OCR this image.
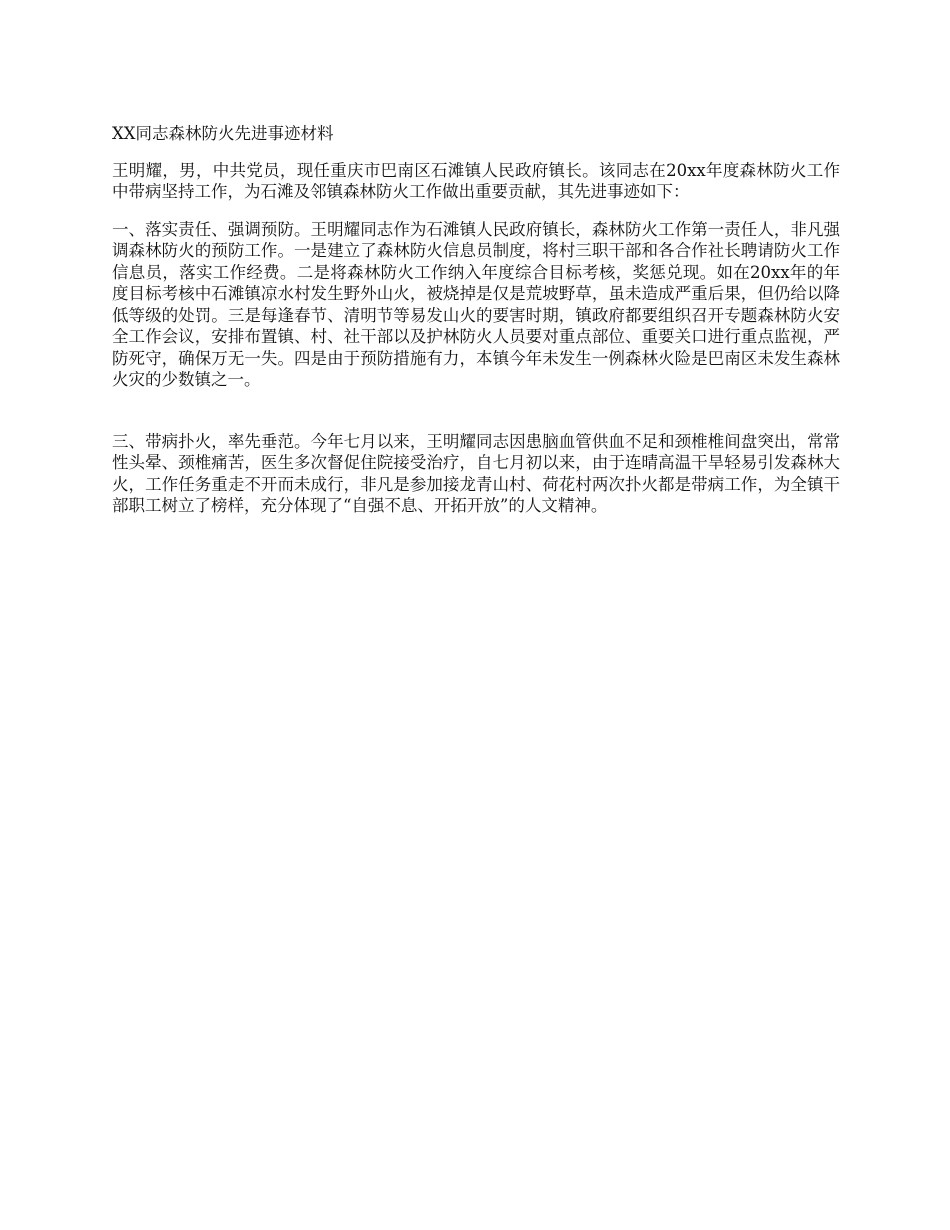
XX同志森林防火先进事迹材料

王明耀，男，中共党员，现任重庆市巴南区石滩镇人民政府镇长。该同志在20xx年度森林防火工作中带病坚持工作，为石滩及邻镇森林防火工作做出重要贡献，其先进事迹如下：

一、落实责任、强调预防。王明耀同志作为石滩镇人民政府镇长，森林防火工作第一责任人，非凡强调森林防火的预防工作。一是建立了森林防火信息员制度，将村三职干部和各合作社长聘请防火工作信息员，落实工作经费。二是将森林防火工作纳入年度综合目标考核，奖惩兑现。如在20xx年的年度目标考核中石滩镇凉水村发生野外山火，被烧掉是仅是荒坡野草，虽未造成严重后果，但仍给以降低等级的处罚。三是每逢春节、清明节等易发山火的要害时期，镇政府都要组织召开专题森林防火安全工作会议，安排布置镇、村、社干部以及护林防火人员要对重点部位、重要关口进行重点监视，严防死守，确保万无一失。四是由于预防措施有力，本镇今年未发生一例森林火险是巴南区未发生森林火灾的少数镇之一。

三、带病扑火，率先垂范。今年七月以来，王明耀同志因患脑血管供血不足和颈椎椎间盘突出，常常性头晕、颈椎痛苦，医生多次督促住院接受治疗，自七月初以来，由于连晴高温干旱轻易引发森林大火，工作任务重走不开而未成行，非凡是参加接龙青山村、荷花村两次扑火都是带病工作，为全镇干部职工树立了榜样，充分体现了“自强不息、开拓开放”的人文精神。
